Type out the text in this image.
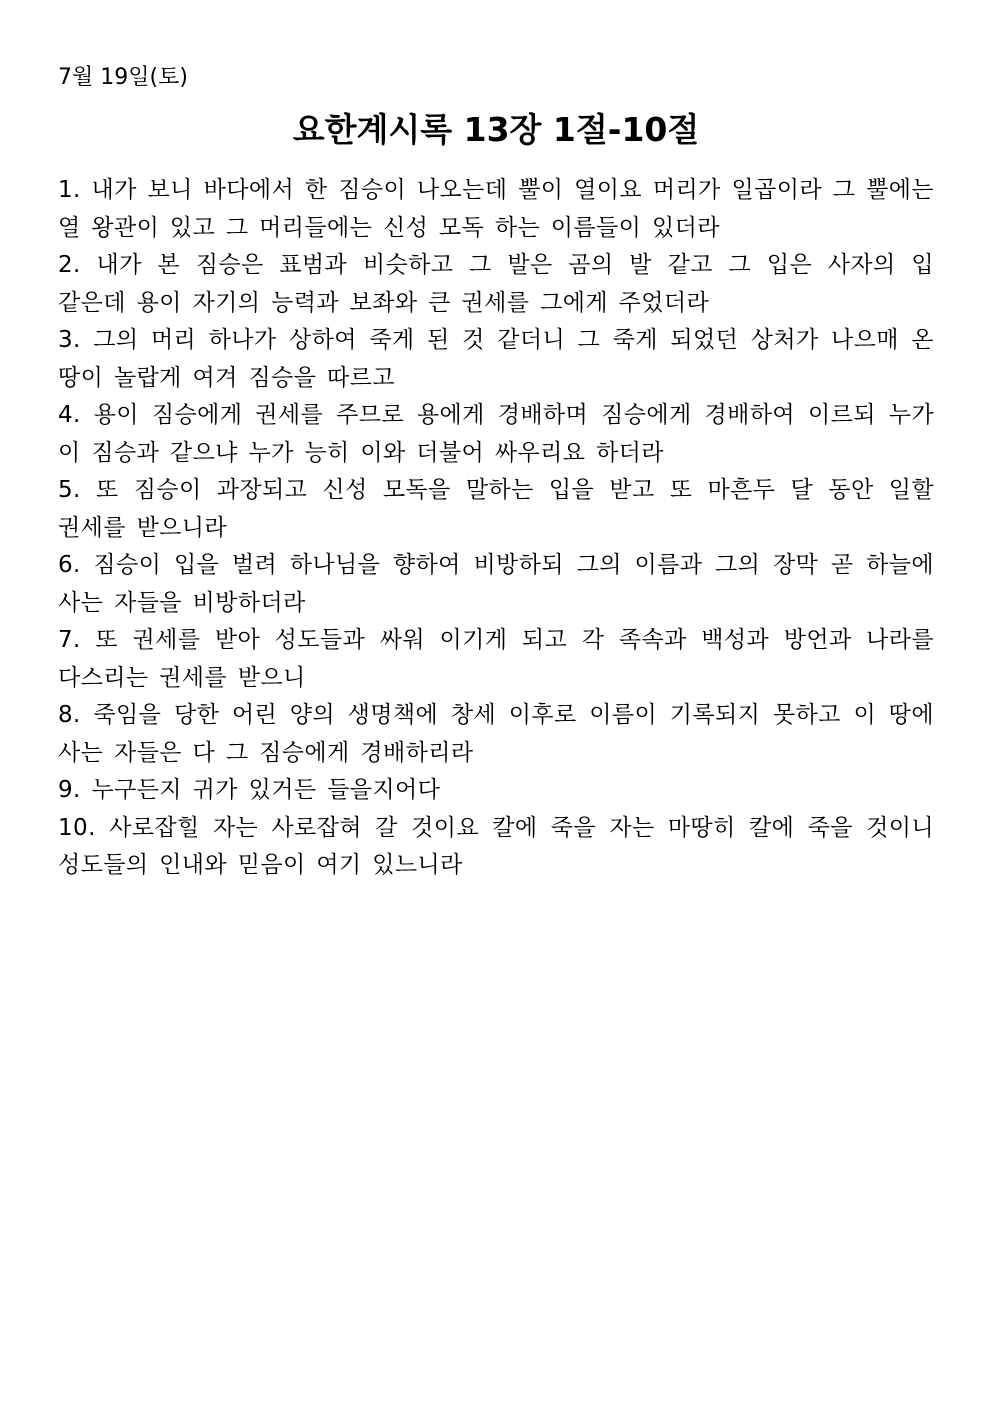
7월 19일(토)

요한계시록 13장 1절-10절
1. 내가 보니 바다에서 한 짐승이 나오는데 뿔이 열이요 머리가 일곱이라 그 뿔에는 열 왕관이 있고 그 머리들에는 신성 모독 하는 이름들이 있더라
2. 내가 본 짐승은 표범과 비슷하고 그 발은 곰의 발 같고 그 입은 사자의 입 같은데 용이 자기의 능력과 보좌와 큰 권세를 그에게 주었더라
3. 그의 머리 하나가 상하여 죽게 된 것 같더니 그 죽게 되었던 상처가 나으매 온 땅이 놀랍게 여겨 짐승을 따르고
4. 용이 짐승에게 권세를 주므로 용에게 경배하며 짐승에게 경배하여 이르되 누가 이 짐승과 같으냐 누가 능히 이와 더불어 싸우리요 하더라
5. 또 짐승이 과장되고 신성 모독을 말하는 입을 받고 또 마흔두 달 동안 일할 권세를 받으니라
6. 짐승이 입을 벌려 하나님을 향하여 비방하되 그의 이름과 그의 장막 곧 하늘에 사는 자들을 비방하더라
7. 또 권세를 받아 성도들과 싸워 이기게 되고 각 족속과 백성과 방언과 나라를 다스리는 권세를 받으니
8. 죽임을 당한 어린 양의 생명책에 창세 이후로 이름이 기록되지 못하고 이 땅에 사는 자들은 다 그 짐승에게 경배하리라
9. 누구든지 귀가 있거든 들을지어다
10. 사로잡힐 자는 사로잡혀 갈 것이요 칼에 죽을 자는 마땅히 칼에 죽을 것이니 성도들의 인내와 믿음이 여기 있느니라
